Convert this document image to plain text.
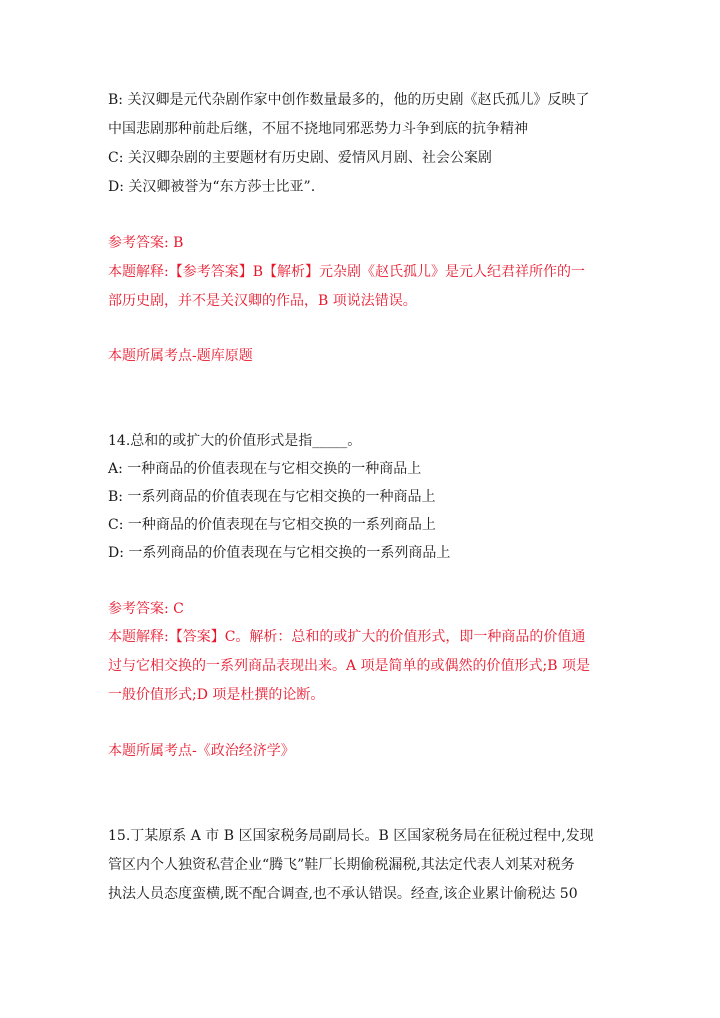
B: 关汉卿是元代杂剧作家中创作数量最多的，他的历史剧《赵氏孤儿》反映了
中国悲剧那种前赴后继，不屈不挠地同邪恶势力斗争到底的抗争精神
C: 关汉卿杂剧的主要题材有历史剧、爱情风月剧、社会公案剧
D: 关汉卿被誉为“东方莎士比亚”.
参考答案: B
本题解释:【参考答案】B【解析】元杂剧《赵氏孤儿》是元人纪君祥所作的一
部历史剧，并不是关汉卿的作品，B 项说法错误。
本题所属考点-题库原题
14.总和的或扩大的价值形式是指_____。
A: 一种商品的价值表现在与它相交换的一种商品上
B: 一系列商品的价值表现在与它相交换的一种商品上
C: 一种商品的价值表现在与它相交换的一系列商品上
D: 一系列商品的价值表现在与它相交换的一系列商品上
参考答案: C
本题解释:【答案】C。解析：总和的或扩大的价值形式，即一种商品的价值通
过与它相交换的一系列商品表现出来。A 项是简单的或偶然的价值形式;B 项是
一般价值形式;D 项是杜撰的论断。
本题所属考点-《政治经济学》
15.丁某原系 A 市 B 区国家税务局副局长。B 区国家税务局在征税过程中,发现
管区内个人独资私营企业“腾飞”鞋厂长期偷税漏税,其法定代表人刘某对税务
执法人员态度蛮横,既不配合调查,也不承认错误。经查,该企业累计偷税达 50
